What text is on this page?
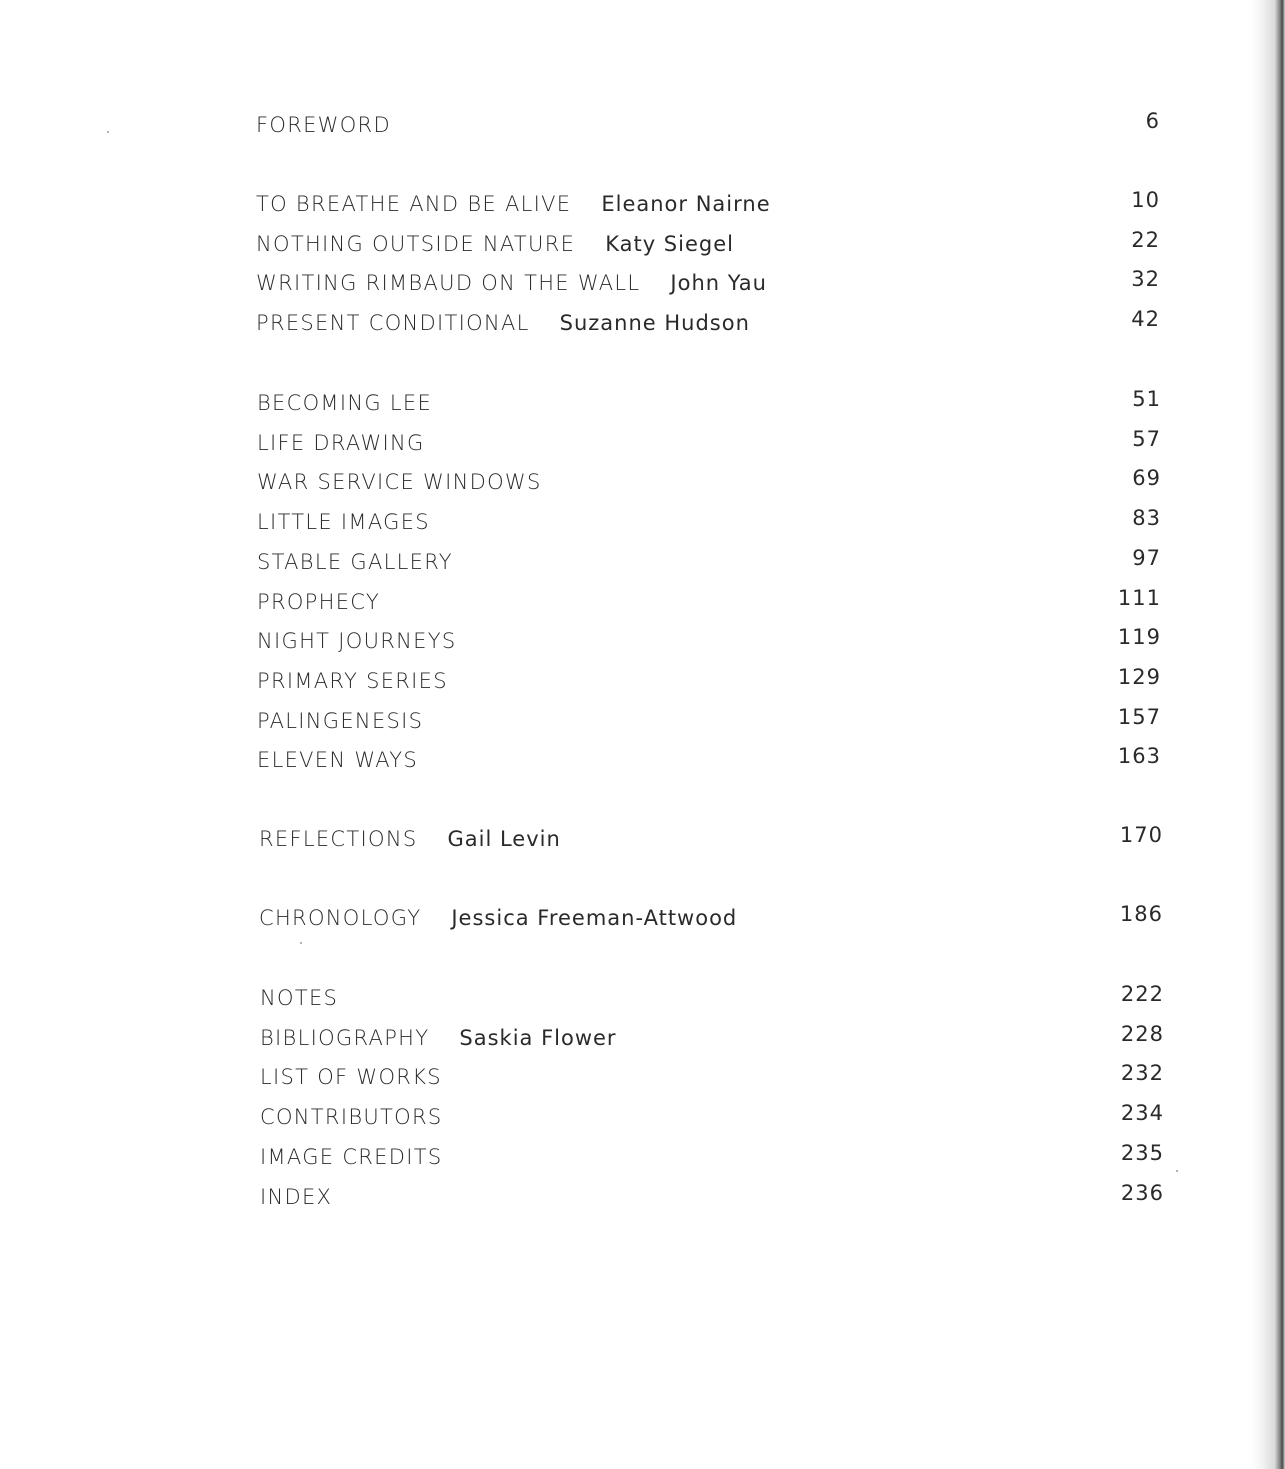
FOREWORD	6
TO BREATHE AND BE ALIVE Eleanor Nairne	10
NOTHING OUTSIDE NATURE Katy Siegel	22
WRITING RIMBAUD ON THE WALL John Yau	32
PRESENT CONDITIONAL Suzanne Hudson	42
BECOMING LEE	51
LIFE DRAWING	57
WAR SERVICE WINDOWS	69
LITTLE IMAGES	83
STABLE GALLERY	97
PROPHECY	111
NIGHT JOURNEYS	119
PRIMARY SERIES	129
PALINGENESIS	157
ELEVEN WAYS	163
REFLECTIONS Gail Levin	170
CHRONOLOGY Jessica Freeman-Attwood	186
NOTES	222
BIBLIOGRAPHY Saskia Flower	228
LIST OF WORKS	232
CONTRIBUTORS	234
IMAGE CREDITS	235
INDEX	236
